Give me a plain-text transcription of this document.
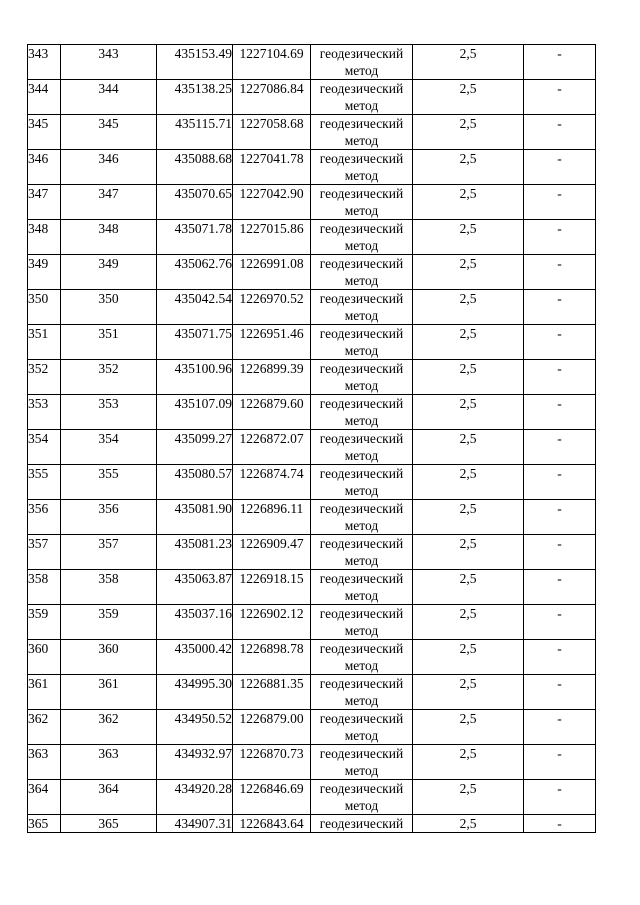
343	343	435153.49	1227104.69	геодезический
метод	2,5	-
344	344	435138.25	1227086.84	геодезический
метод	2,5	-
345	345	435115.71	1227058.68	геодезический
метод	2,5	-
346	346	435088.68	1227041.78	геодезический
метод	2,5	-
347	347	435070.65	1227042.90	геодезический
метод	2,5	-
348	348	435071.78	1227015.86	геодезический
метод	2,5	-
349	349	435062.76	1226991.08	геодезический
метод	2,5	-
350	350	435042.54	1226970.52	геодезический
метод	2,5	-
351	351	435071.75	1226951.46	геодезический
метод	2,5	-
352	352	435100.96	1226899.39	геодезический
метод	2,5	-
353	353	435107.09	1226879.60	геодезический
метод	2,5	-
354	354	435099.27	1226872.07	геодезический
метод	2,5	-
355	355	435080.57	1226874.74	геодезический
метод	2,5	-
356	356	435081.90	1226896.11	геодезический
метод	2,5	-
357	357	435081.23	1226909.47	геодезический
метод	2,5	-
358	358	435063.87	1226918.15	геодезический
метод	2,5	-
359	359	435037.16	1226902.12	геодезический
метод	2,5	-
360	360	435000.42	1226898.78	геодезический
метод	2,5	-
361	361	434995.30	1226881.35	геодезический
метод	2,5	-
362	362	434950.52	1226879.00	геодезический
метод	2,5	-
363	363	434932.97	1226870.73	геодезический
метод	2,5	-
364	364	434920.28	1226846.69	геодезический
метод	2,5	-
365	365	434907.31	1226843.64	геодезический	2,5	-
